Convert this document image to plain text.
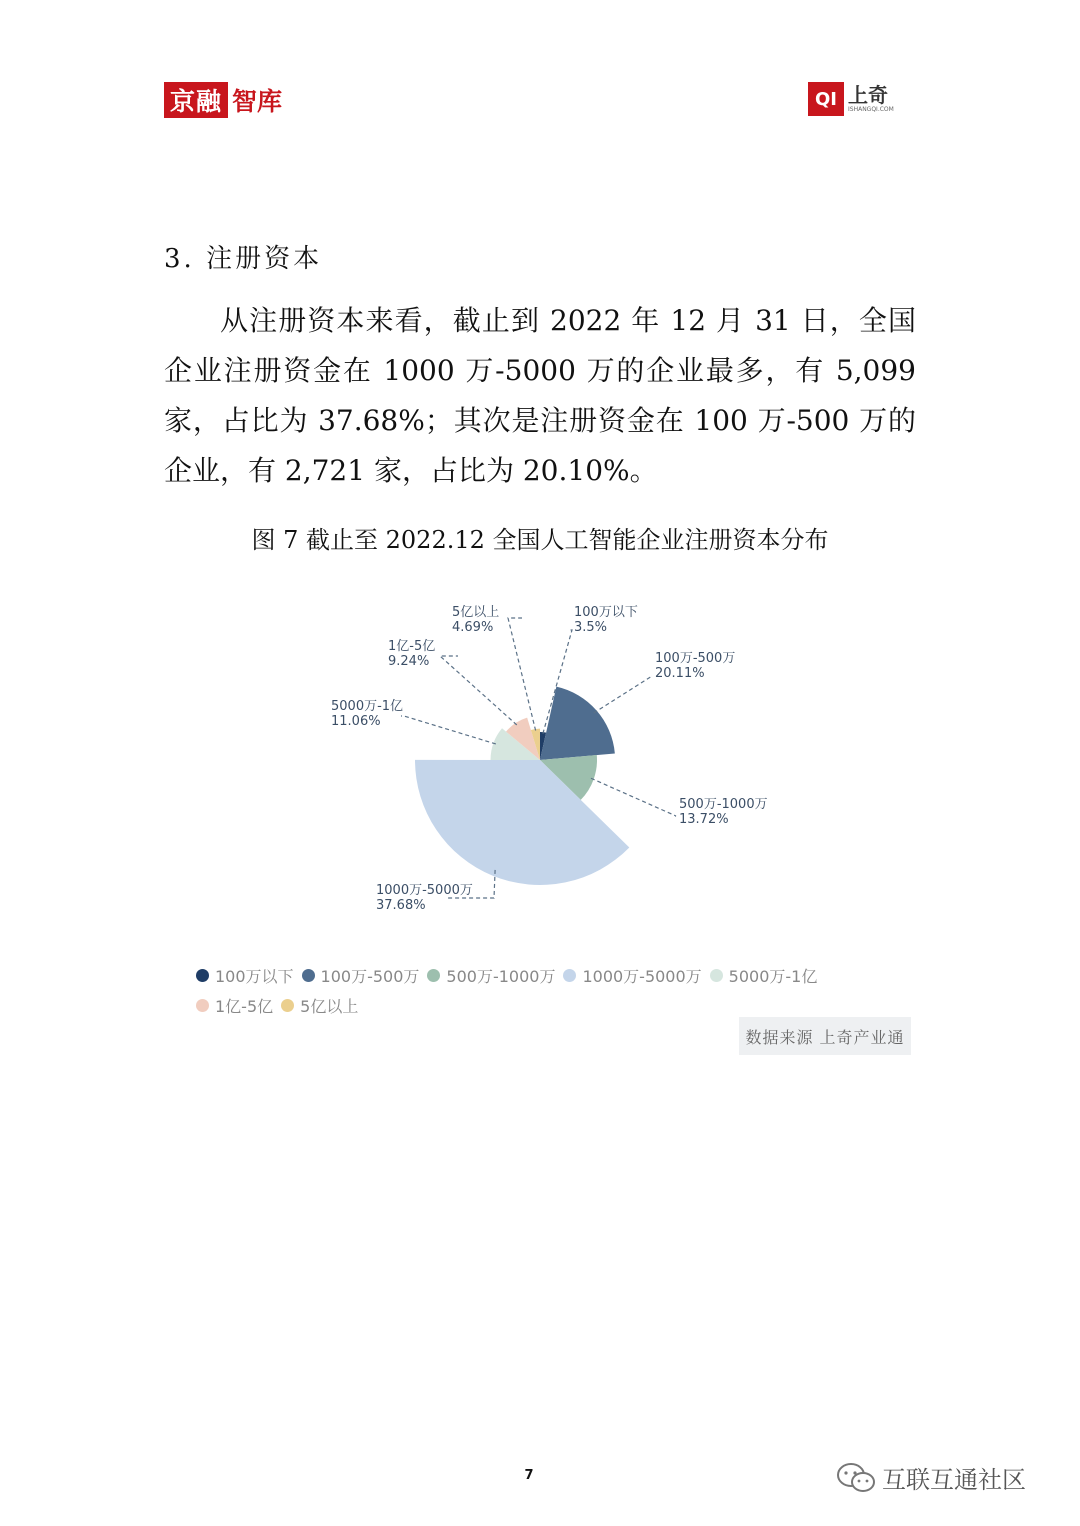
京融 智库	QI 上奇
ISHANGQI.COM
3. 注册资本
从注册资本来看，截止到 2022 年 12 月 31 日，全国企业注册资金在 1000 万-5000 万的企业最多，有 5,099 家，占比为 37.68%；其次是注册资金在 100 万-500 万的企业，有 2,721 家，占比为 20.10%。
图 7 截止至 2022.12 全国人工智能企业注册资本分布
100万以下
3.5%
100万-500万
20.11%
500万-1000万
13.72%
1000万-5000万
37.68%
5000万-1亿
11.06%
1亿-5亿
9.24%
5亿以上
4.69%
100万以下 100万-500万 500万-1000万 1000万-5000万 5000万-1亿
1亿-5亿 5亿以上
数据来源 上奇产业通
7	互联互通社区
